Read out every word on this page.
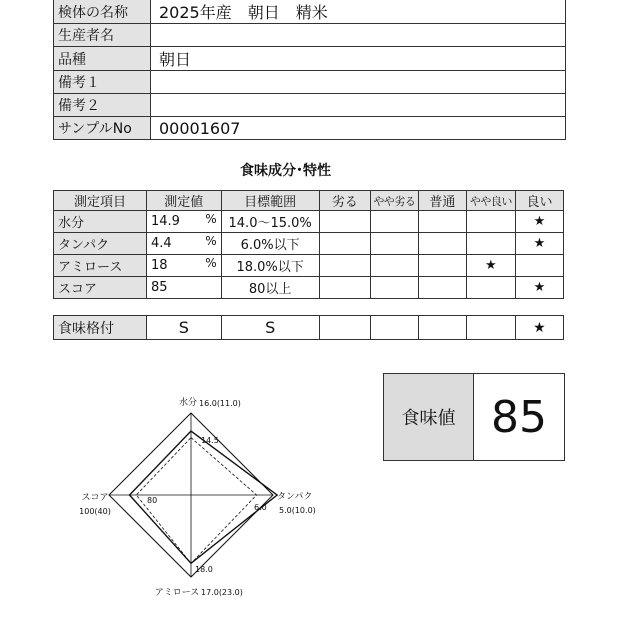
検体の名称	2025年産　朝日　精米
生産者名	
品種	朝日
備考１	
備考２	
サンプルNo	00001607
食味成分･特性
測定項目	測定値	目標範囲	劣る	やや劣る	普通	やや良い	良い
水分	14.9 %	14.0～15.0%					★
タンパク	4.4 %	6.0%以下					★
アミロース	18 %	18.0%以下				★	
スコア	85	80以上					★
食味格付	S	S					★
食味値 85
水分 16.0(11.0)
14.5
タンパク
5.0(10.0)
6.0
アミロース 17.0(23.0)
18.0
スコア
100(40)
80
